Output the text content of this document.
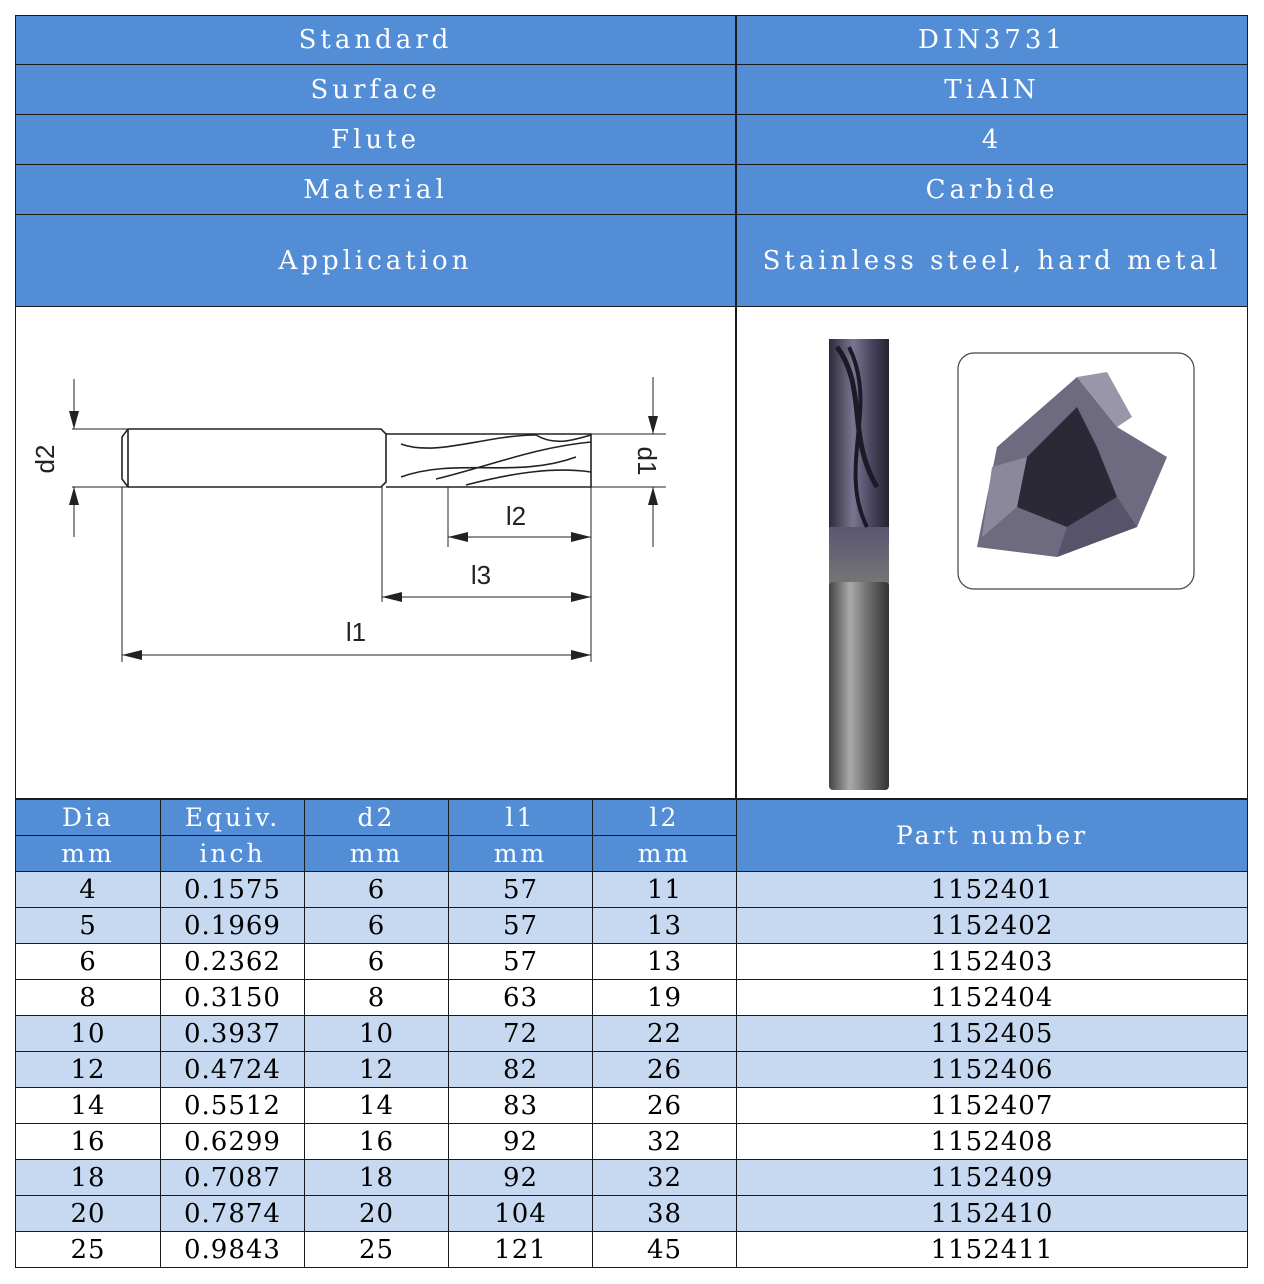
Standard	DIN3731
Surface	TiAlN
Flute	4
Material	Carbide
Application	Stainless steel, hard metal
d2	d1
l2
l3
l1
Dia	Equiv.	d2	l1	l2	Part number
mm	inch	mm	mm	mm	
4	0.1575	6	57	11	1152401
5	0.1969	6	57	13	1152402
6	0.2362	6	57	13	1152403
8	0.3150	8	63	19	1152404
10	0.3937	10	72	22	1152405
12	0.4724	12	82	26	1152406
14	0.5512	14	83	26	1152407
16	0.6299	16	92	32	1152408
18	0.7087	18	92	32	1152409
20	0.7874	20	104	38	1152410
25	0.9843	25	121	45	1152411
